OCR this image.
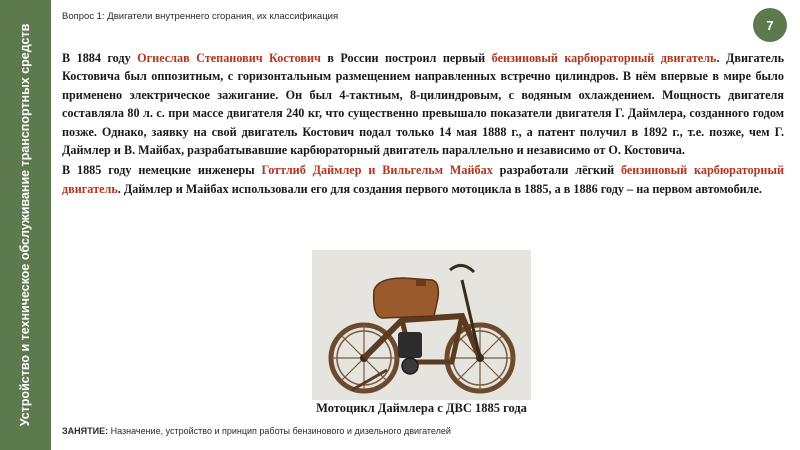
Устройство и техническое обслуживание транспортных средств
Вопрос 1: Двигатели внутреннего сгорания, их классификация
7

В 1884 году Огнеслав Степанович Костович в России построил первый бензиновый карбюраторный двигатель. Двигатель Костовича был оппозитным, с горизонтальным размещением направленных встречно цилиндров. В нём впервые в мире было применено электрическое зажигание. Он был 4-тактным, 8-цилиндровым, с водяным охлаждением. Мощность двигателя составляла 80 л. с. при массе двигателя 240 кг, что существенно превышало показатели двигателя Г. Даймлера, созданного годом позже. Однако, заявку на свой двигатель Костович подал только 14 мая 1888 г., а патент получил в 1892 г., т.е. позже, чем Г. Даймлер и В. Майбах, разрабатывавшие карбюраторный двигатель параллельно и независимо от О. Костовича.

В 1885 году немецкие инженеры Готтлиб Даймлер и Вильгельм Майбах разработали лёгкий бензиновый карбюраторный двигатель. Даймлер и Майбах использовали его для создания первого мотоцикла в 1885, а в 1886 году – на первом автомобиле.

Мотоцикл Даймлера с ДВС 1885 года
ЗАНЯТИЕ: Назначение, устройство и принцип работы бензинового и дизельного двигателей
